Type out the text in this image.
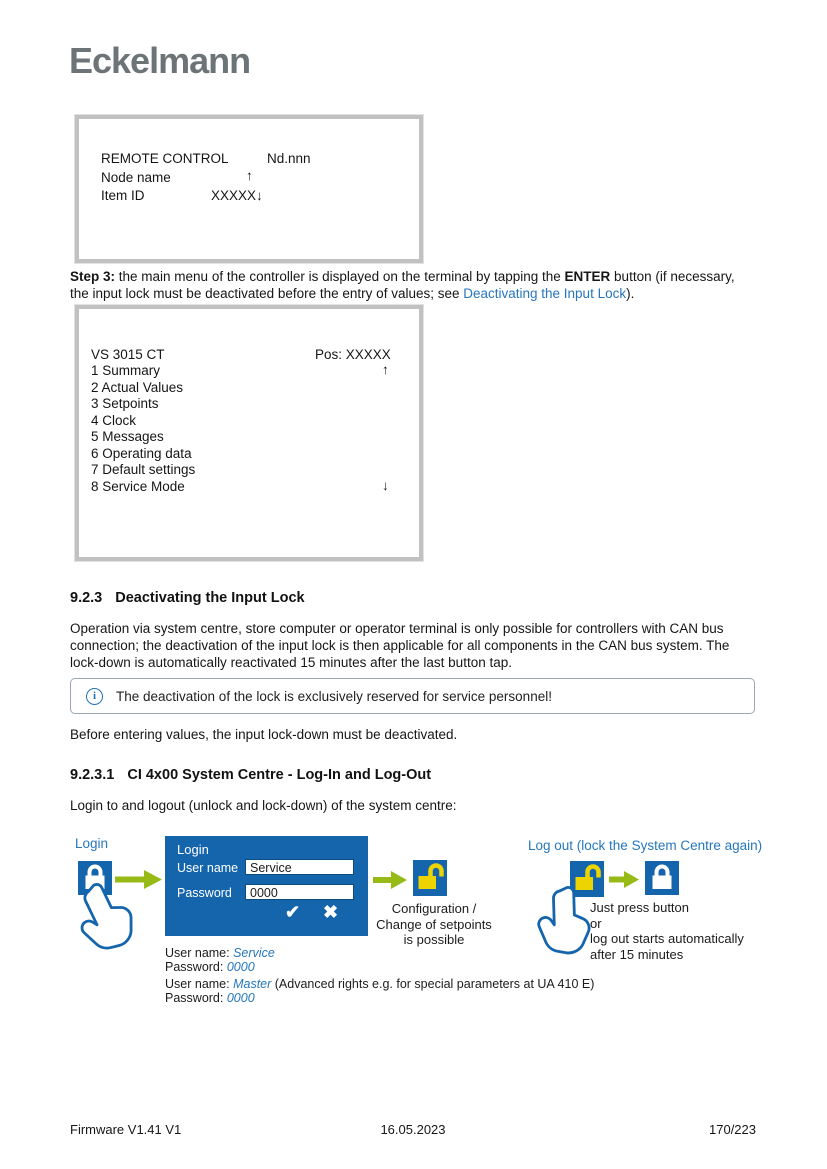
Eckelmann
REMOTE CONTROL	Nd.nnn
Node name	↑
Item ID	XXXXX↓

Step 3: the main menu of the controller is displayed on the terminal by tapping the ENTER button (if necessary, the input lock must be deactivated before the entry of values; see Deactivating the Input Lock).

VS 3015 CT	Pos: XXXXX
↑
1 Summary
2 Actual Values
3 Setpoints
4 Clock
5 Messages
6 Operating data
7 Default settings
8 Service Mode	↓
9.2.3 Deactivating the Input Lock

Operation via system centre, store computer or operator terminal is only possible for controllers with CAN bus connection; the deactivation of the input lock is then applicable for all components in the CAN bus system. The lock-down is automatically reactivated 15 minutes after the last button tap.

i	The deactivation of the lock is exclusively reserved for service personnel!

Before entering values, the input lock-down must be deactivated.

9.2.3.1 CI 4x00 System Centre - Log-In and Log-Out

Login to and logout (unlock and lock-down) of the system centre:

Login	Login
User name Service
Password	0000
✔ ✖	Configuration /
Change of setpoints
is possible
Log out (lock the System Centre again)
Just press button
or
log out starts automatically
after 15 minutes
User name: Service
Password: 0000
User name: Master (Advanced rights e.g. for special parameters at UA 410 E)
Password: 0000
Firmware V1.41 V1	16.05.2023	170/223
